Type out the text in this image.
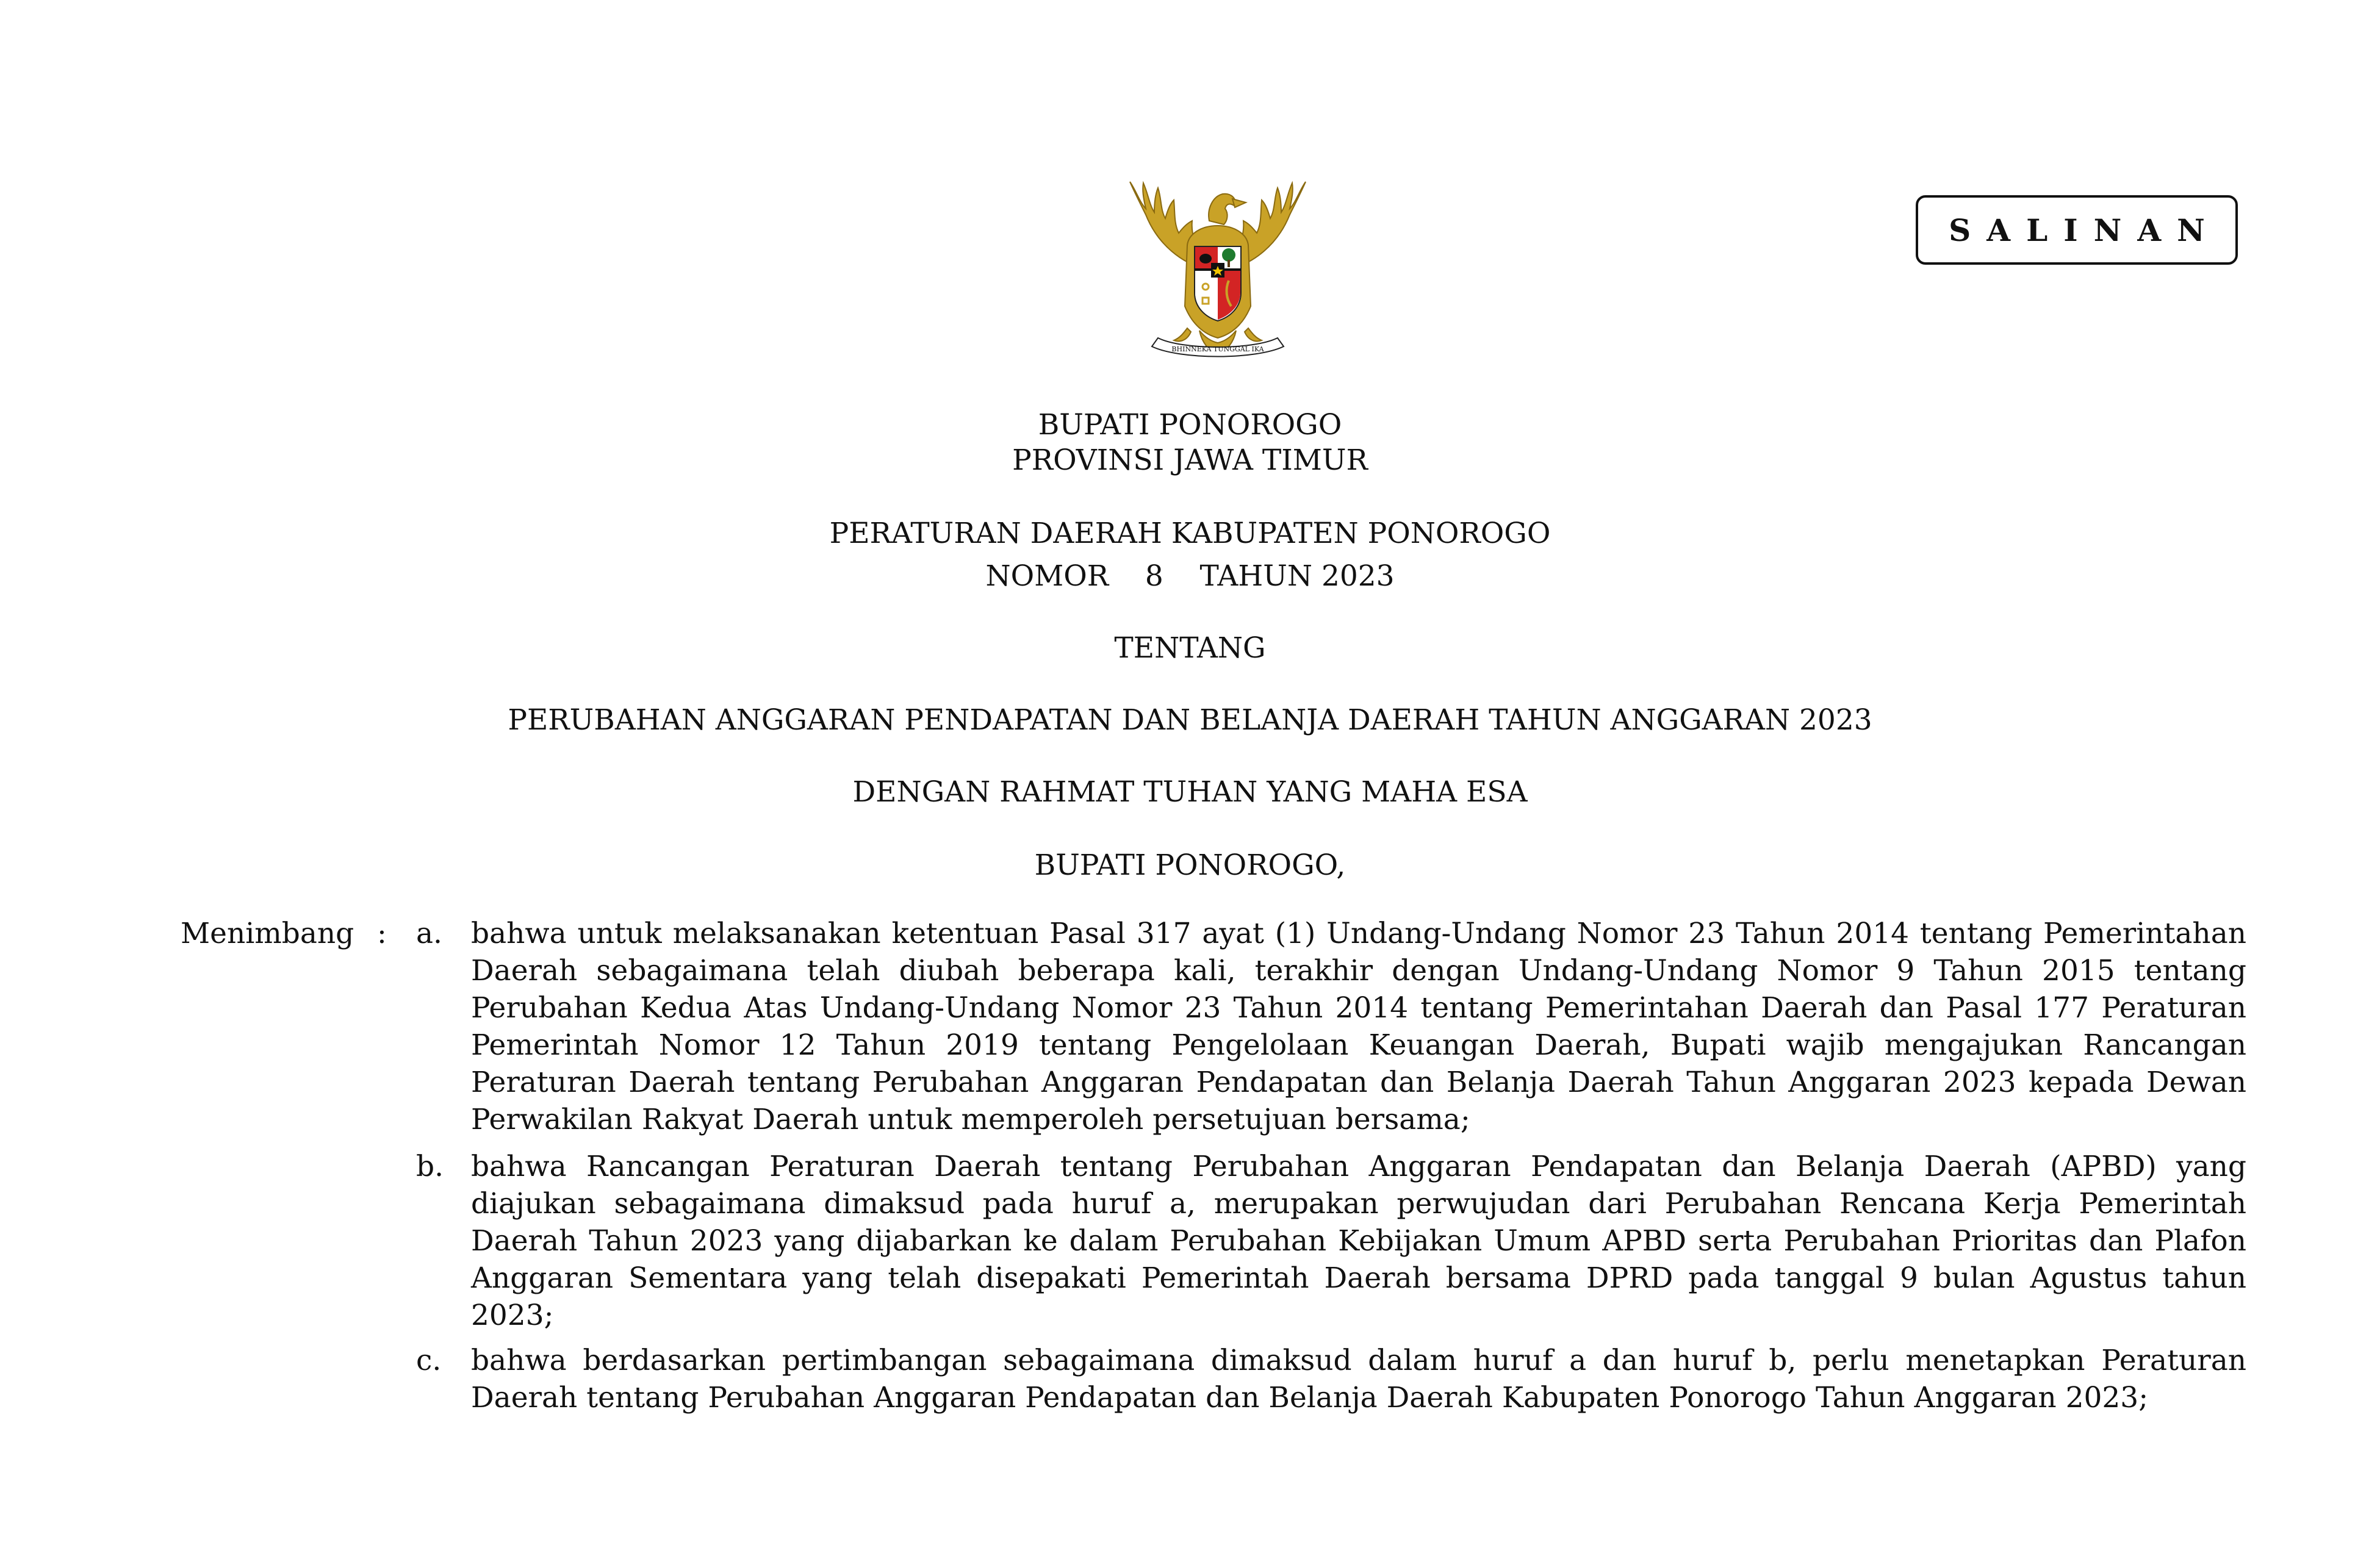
SALINAN
BHINNEKA TUNGGAL IKA
BUPATI PONOROGO
PROVINSI JAWA TIMUR
PERATURAN DAERAH KABUPATEN PONOROGO
NOMOR    8    TAHUN 2023
TENTANG
PERUBAHAN ANGGARAN PENDAPATAN DAN BELANJA DAERAH TAHUN ANGGARAN 2023
DENGAN RAHMAT TUHAN YANG MAHA ESA
BUPATI PONOROGO,
Menimbang : a. bahwa untuk melaksanakan ketentuan Pasal 317 ayat (1) Undang-Undang Nomor 23 Tahun 2014 tentang Pemerintahan Daerah sebagaimana telah diubah beberapa kali, terakhir dengan Undang-Undang Nomor 9 Tahun 2015 tentang Perubahan Kedua Atas Undang-Undang Nomor 23 Tahun 2014 tentang Pemerintahan Daerah dan Pasal 177 Peraturan Pemerintah Nomor 12 Tahun 2019 tentang Pengelolaan Keuangan Daerah, Bupati wajib mengajukan Rancangan Peraturan Daerah tentang Perubahan Anggaran Pendapatan dan Belanja Daerah Tahun Anggaran 2023 kepada Dewan Perwakilan Rakyat Daerah untuk memperoleh persetujuan bersama;
b. bahwa Rancangan Peraturan Daerah tentang Perubahan Anggaran Pendapatan dan Belanja Daerah (APBD) yang diajukan sebagaimana dimaksud pada huruf a, merupakan perwujudan dari Perubahan Rencana Kerja Pemerintah Daerah Tahun 2023 yang dijabarkan ke dalam Perubahan Kebijakan Umum APBD serta Perubahan Prioritas dan Plafon Anggaran Sementara yang telah disepakati Pemerintah Daerah bersama DPRD pada tanggal 9 bulan Agustus tahun 2023;
c. bahwa berdasarkan pertimbangan sebagaimana dimaksud dalam huruf a dan huruf b, perlu menetapkan Peraturan Daerah tentang Perubahan Anggaran Pendapatan dan Belanja Daerah Kabupaten Ponorogo Tahun Anggaran 2023;
